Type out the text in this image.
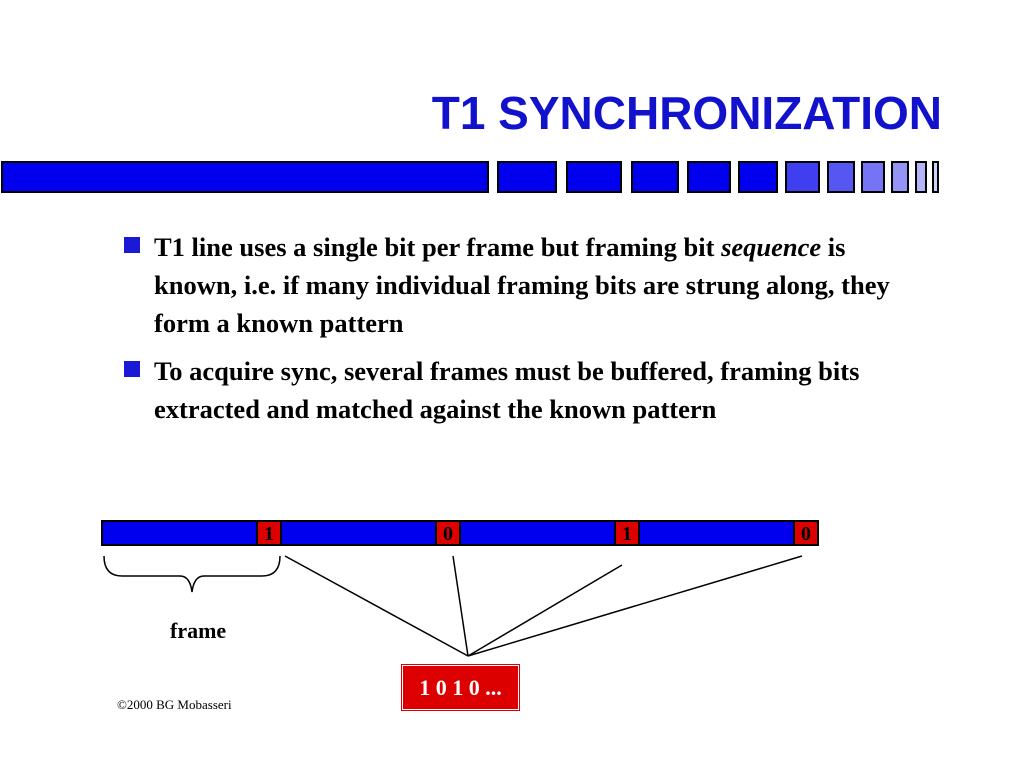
T1 SYNCHRONIZATION
T1 line uses a single bit per frame but framing bit sequence is known, i.e. if many individual framing bits are strung along, they form a known pattern
To acquire sync, several frames must be buffered, framing bits extracted and matched against the known pattern
1	0	1	0

frame

1 0 1 0 ...

©2000 BG Mobasseri
